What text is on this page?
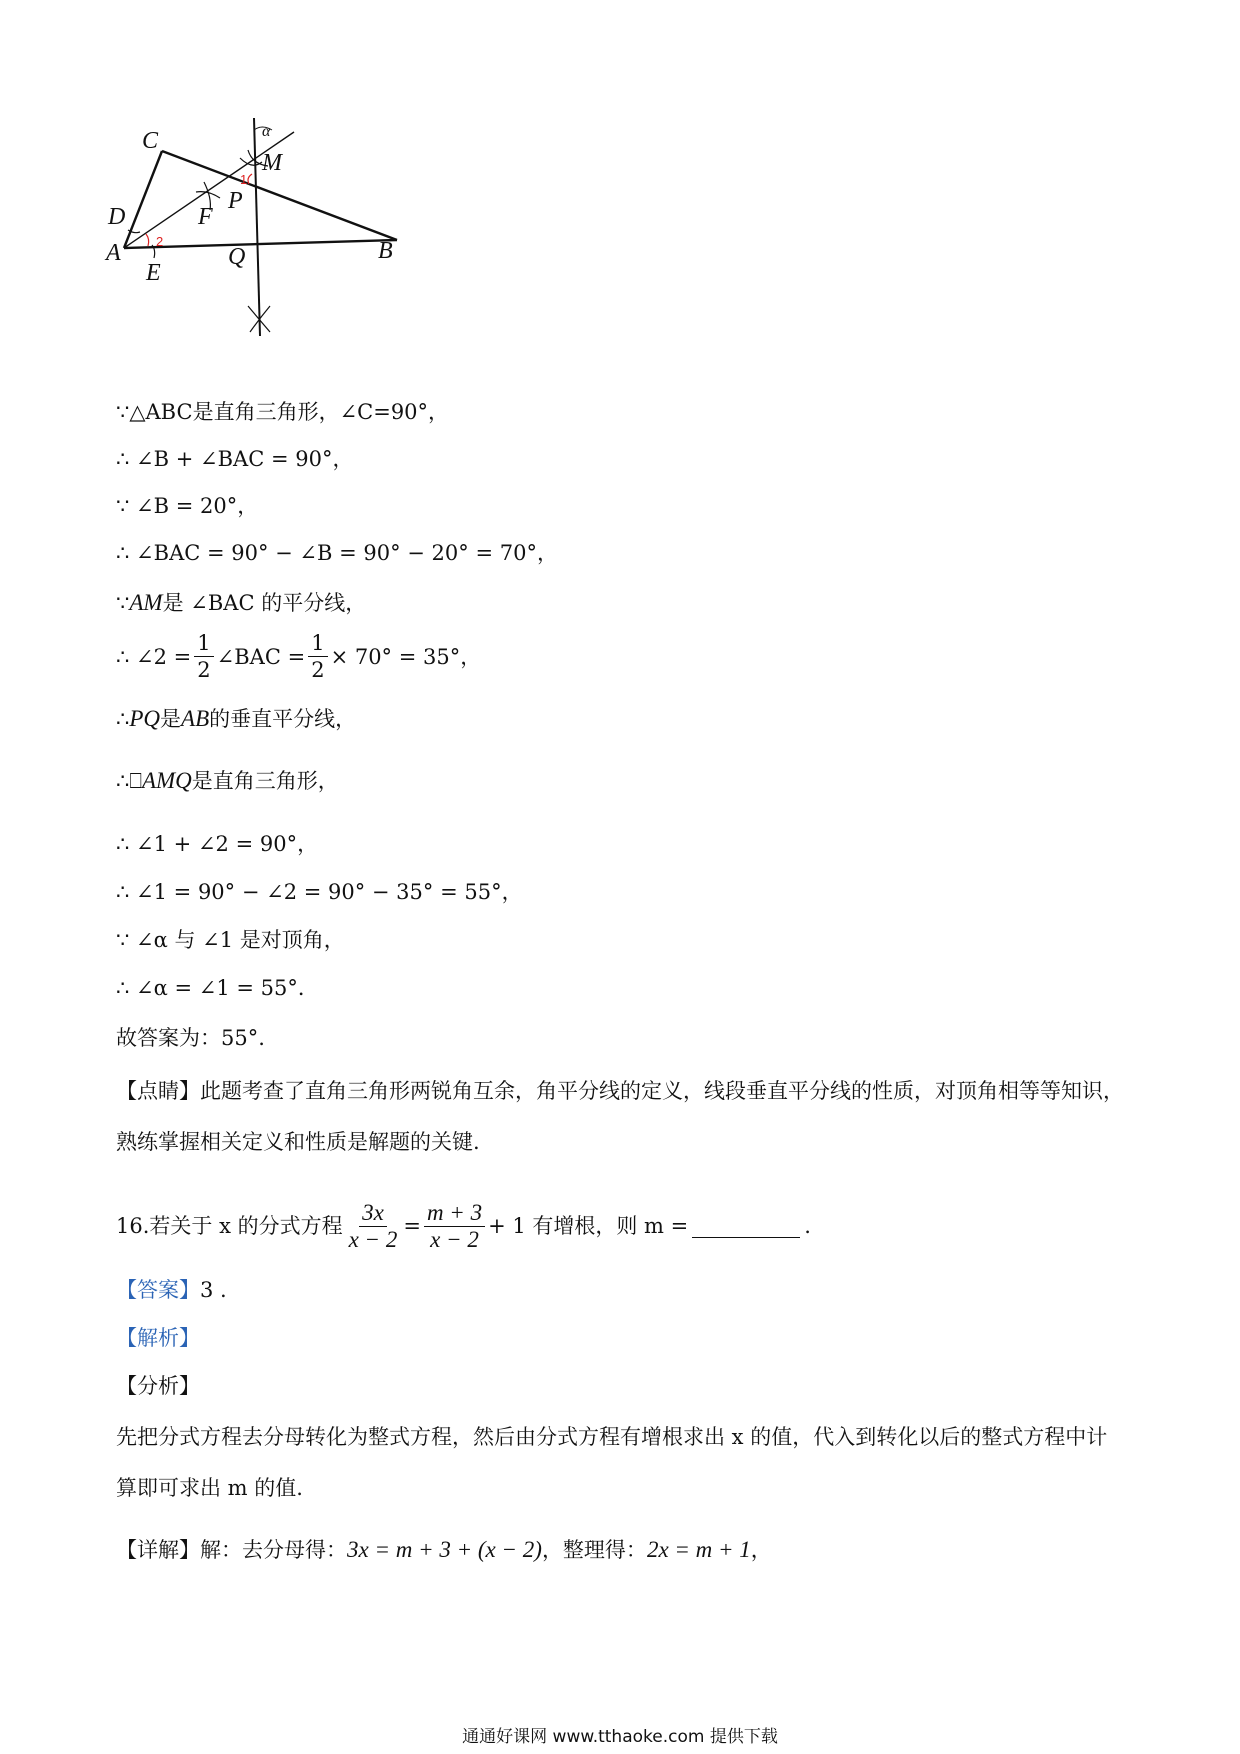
C
D	F
P
M
A
E
Q	B
α
1
2
∵△ABC是直角三角形，∠C=90°，
∴ ∠B + ∠BAC = 90°，
∵ ∠B = 20°，
∴ ∠BAC = 90° − ∠B = 90° − 20° = 70°，
∵ AM 是 ∠BAC 的平分线，
∴ ∠2 = $\frac{1}{2}$ ∠BAC = $\frac{1}{2} \times 70^\circ = 35^\circ$，
∴ PQ 是 AB 的垂直平分线，
∴⎕ AMQ 是直角三角形，
∴ ∠1 + ∠2 = 90°，
∴ ∠1 = 90° − ∠2 = 90° − 35° = 55°，
∵ ∠α 与 ∠1 是对顶角，
∴ ∠α = ∠1 = 55°．
故答案为：55°.
【点睛】此题考查了直角三角形两锐角互余，角平分线的定义，线段垂直平分线的性质，对顶角相等等知识，熟练掌握相关定义和性质是解题的关键.
16.若关于 x 的分式方程 $\frac{3x}{x - 2} = \frac{m + 3}{x - 2} + 1$ 有增根，则 m =	.
【答案】 3 .
【解析】
【分析】
先把分式方程去分母转化为整式方程，然后由分式方程有增根求出 x 的值，代入到转化以后的整式方程中计算即可求出 m 的值.
【详解】 解：去分母得： 3x = m + 3 + (x − 2) ，整理得： 2x = m + 1 ，
通通好课网 www.tthaoke.com 提供下载
